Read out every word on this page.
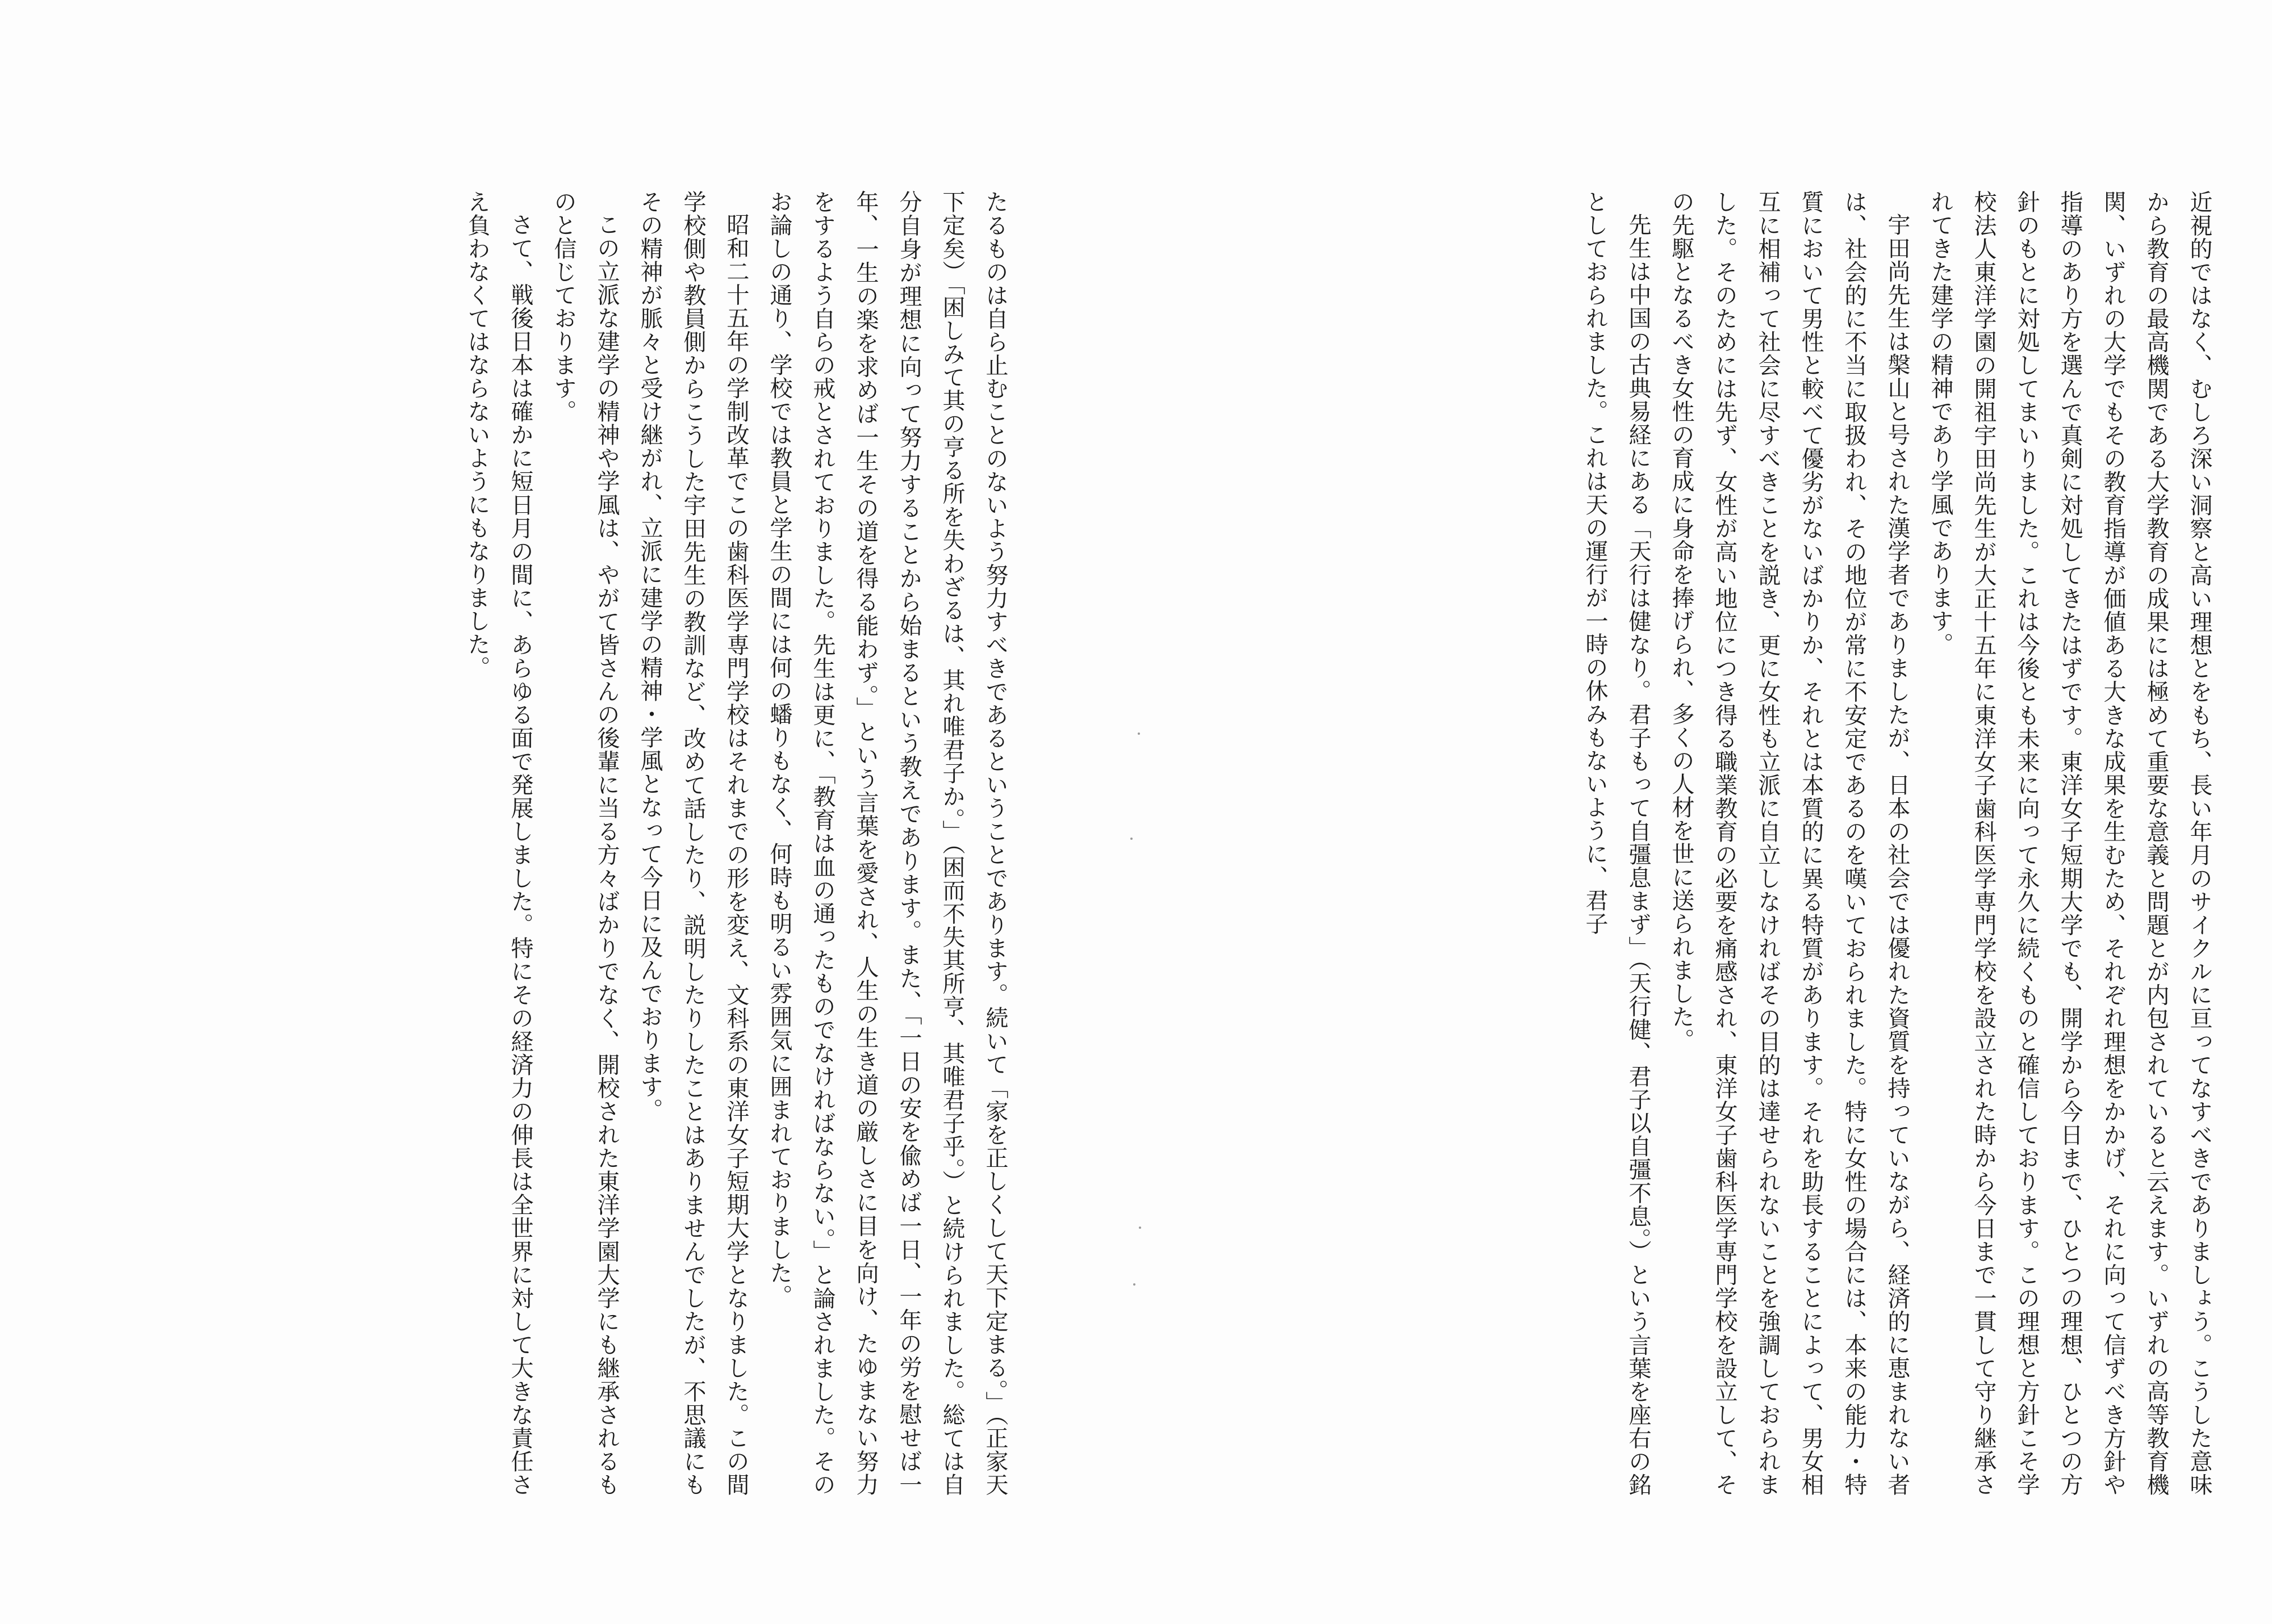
たるものは自ら止むことのないよう努力すべきであるということであります。続いて「家を正しくして天下定まる。」（正家天下定矣）「困しみて其の亨る所を失わざるは、其れ唯君子か。」（困而不失其所亨、其唯君子乎。）と続けられました。総ては自分自身が理想に向って努力することから始まるという教えであります。また、「一日の安を偸めば一日、一年の労を慰せば一年、一生の楽を求めば一生その道を得る能わず。」という言葉を愛され、人生の生き道の厳しさに目を向け、たゆまない努力をするよう自らの戒とされておりました。先生は更に、「教育は血の通ったものでなければならない。」と論されました。そのお論しの通り、学校では教員と学生の間には何の蟠りもなく、何時も明るい雰囲気に囲まれておりました。

昭和二十五年の学制改革でこの歯科医学専門学校はそれまでの形を変え、文科系の東洋女子短期大学となりました。この間学校側や教員側からこうした宇田先生の教訓など、改めて話したり、説明したりしたことはありませんでしたが、不思議にもその精神が脈々と受け継がれ、立派に建学の精神・学風となって今日に及んでおります。

この立派な建学の精神や学風は、やがて皆さんの後輩に当る方々ばかりでなく、開校された東洋学園大学にも継承されるものと信じております。

さて、戦後日本は確かに短日月の間に、あらゆる面で発展しました。特にその経済力の伸長は全世界に対して大きな責任さえ負わなくてはならないようにもなりました。	近視的ではなく、むしろ深い洞察と高い理想とをもち、長い年月のサイクルに亘ってなすべきでありましょう。こうした意味から教育の最高機関である大学教育の成果には極めて重要な意義と問題とが内包されていると云えます。いずれの高等教育機関、いずれの大学でもその教育指導が価値ある大きな成果を生むため、それぞれ理想をかかげ、それに向って信ずべき方針や指導のあり方を選んで真剣に対処してきたはずです。東洋女子短期大学でも、開学から今日まで、ひとつの理想、ひとつの方針のもとに対処してまいりました。これは今後とも未来に向って永久に続くものと確信しております。この理想と方針こそ学校法人東洋学園の開祖宇田尚先生が大正十五年に東洋女子歯科医学専門学校を設立された時から今日まで一貫して守り継承されてきた建学の精神であり学風であります。

宇田尚先生は槃山と号された漢学者でありましたが、日本の社会では優れた資質を持っていながら、経済的に恵まれない者は、社会的に不当に取扱われ、その地位が常に不安定であるのを嘆いておられました。特に女性の場合には、本来の能力・特質において男性と較べて優劣がないばかりか、それとは本質的に異る特質があります。それを助長することによって、男女相互に相補って社会に尽すべきことを説き、更に女性も立派に自立しなければその目的は達せられないことを強調しておられました。そのためには先ず、女性が高い地位につき得る職業教育の必要を痛感され、東洋女子歯科医学専門学校を設立して、その先駆となるべき女性の育成に身命を捧げられ、多くの人材を世に送られました。

先生は中国の古典易経にある「天行は健なり。君子もって自彊息まず」（天行健、君子以自彊不息。）という言葉を座右の銘としておられました。これは天の運行が一時の休みもないように、君子
